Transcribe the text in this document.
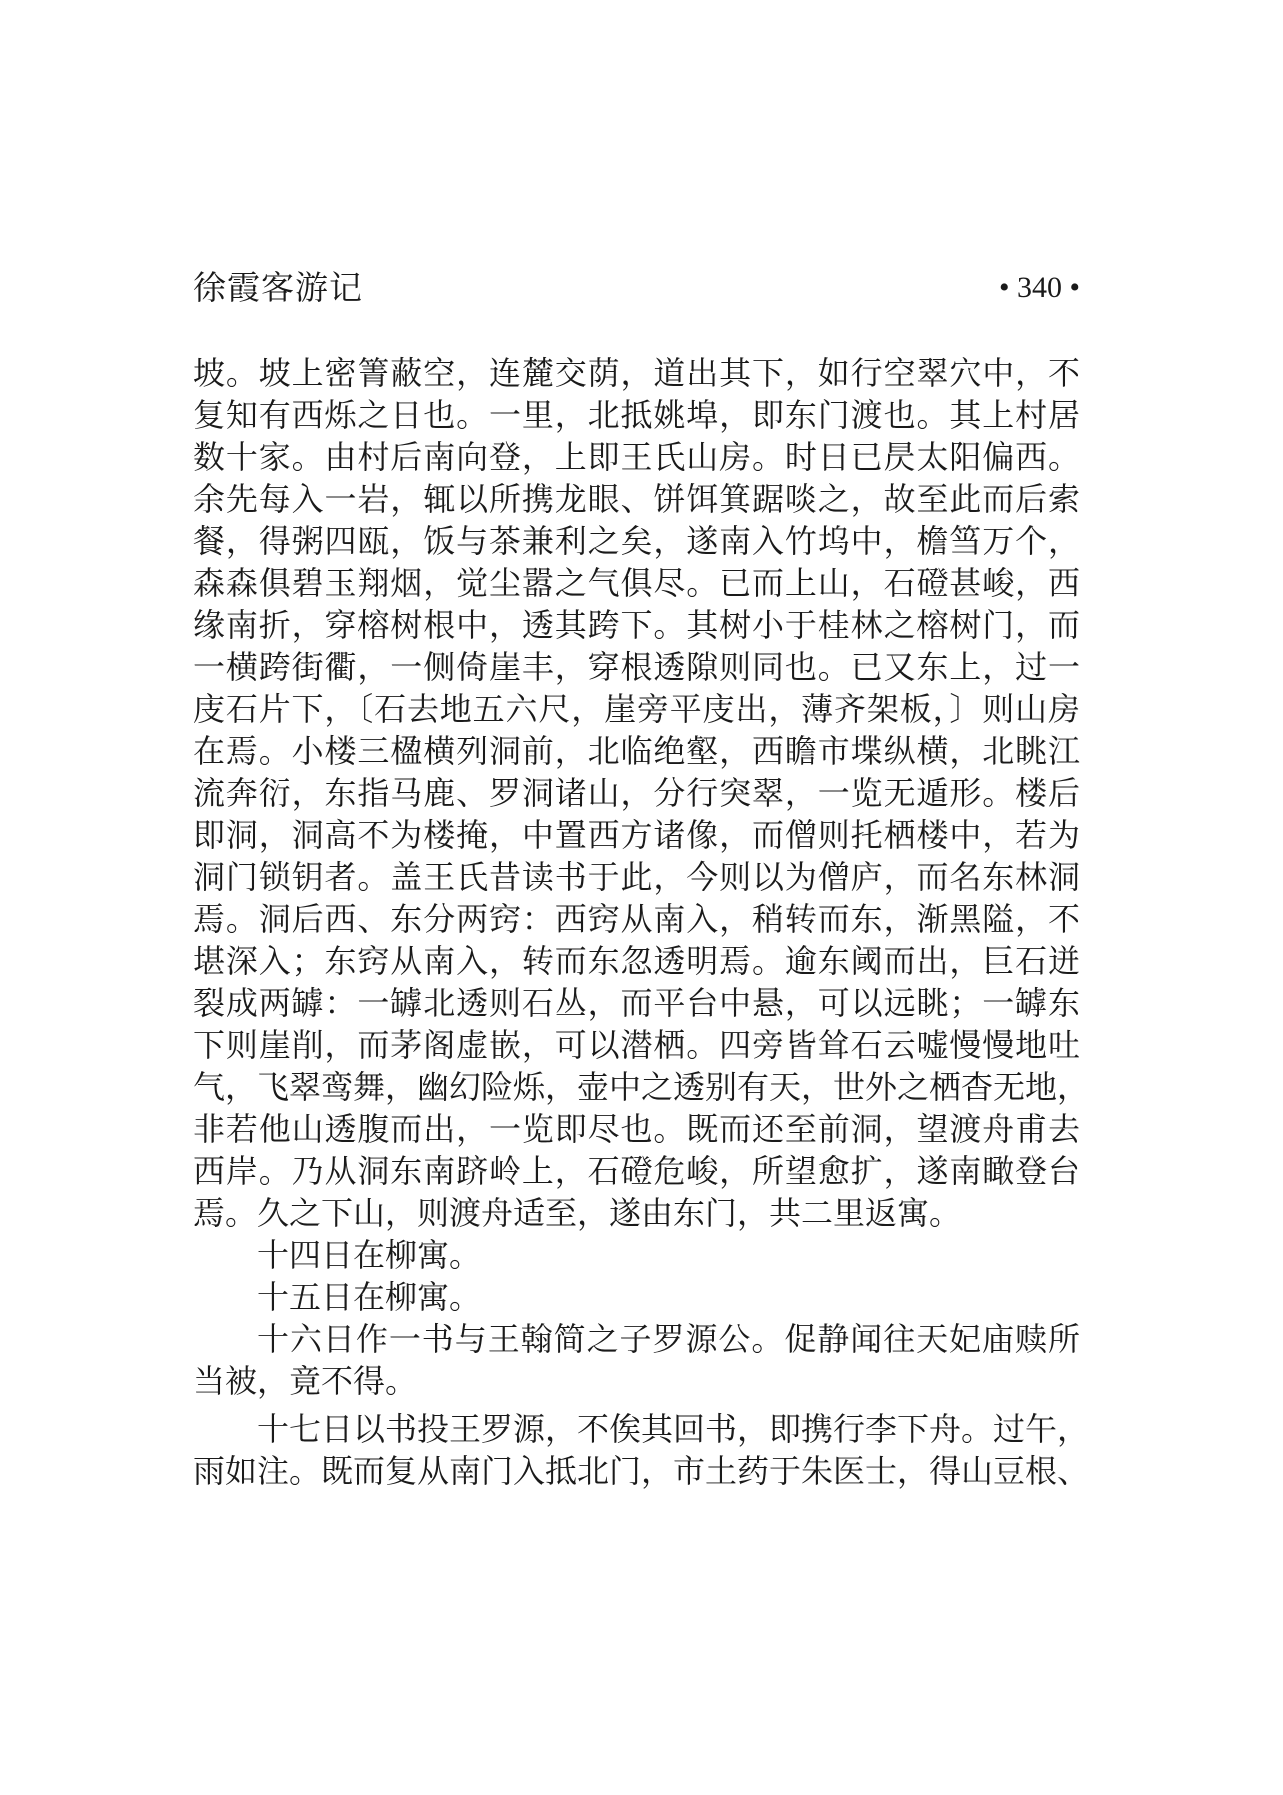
徐霞客游记	• 340 •
坡。坡上密箐蔽空，连麓交荫，道出其下，如行空翠穴中，不
复知有西烁之日也。一里，北抵姚埠，即东门渡也。其上村居
数十家。由村后南向登，上即王氏山房。时日已昃太阳偏西。
余先每入一岩，辄以所携龙眼、饼饵箕踞啖之，故至此而后索
餐，得粥四瓯，饭与茶兼利之矣，遂南入竹坞中，檐筜万个，
森森俱碧玉翔烟，觉尘嚣之气俱尽。已而上山，石磴甚峻，西
缘南折，穿榕树根中，透其跨下。其树小于桂林之榕树门，而
一横跨街衢，一侧倚崖丰，穿根透隙则同也。已又东上，过一
庋石片下，〔石去地五六尺，崖旁平庋出，薄齐架板，〕则山房
在焉。小楼三楹横列洞前，北临绝壑，西瞻市堞纵横，北眺江
流奔衍，东指马鹿、罗洞诸山，分行突翠，一览无遁形。楼后
即洞，洞高不为楼掩，中置西方诸像，而僧则托栖楼中，若为
洞门锁钥者。盖王氏昔读书于此，今则以为僧庐，而名东林洞
焉。洞后西、东分两窍：西窍从南入，稍转而东，渐黑隘，不
堪深入；东窍从南入，转而东忽透明焉。逾东阈而出，巨石迸
裂成两罅：一罅北透则石丛，而平台中悬，可以远眺；一罅东
下则崖削，而茅阁虚嵌，可以潜栖。四旁皆耸石云嘘慢慢地吐
气，飞翠鸾舞，幽幻险烁，壶中之透别有天，世外之栖杳无地，
非若他山透腹而出，一览即尽也。既而还至前洞，望渡舟甫去
西岸。乃从洞东南跻岭上，石磴危峻，所望愈扩，遂南瞰登台
焉。久之下山，则渡舟适至，遂由东门，共二里返寓。
十四日在柳寓。
十五日在柳寓。
十六日作一书与王翰简之子罗源公。促静闻往天妃庙赎所
当被，竟不得。
十七日以书投王罗源，不俟其回书，即携行李下舟。过午，
雨如注。既而复从南门入抵北门，市土药于朱医士，得山豆根、
